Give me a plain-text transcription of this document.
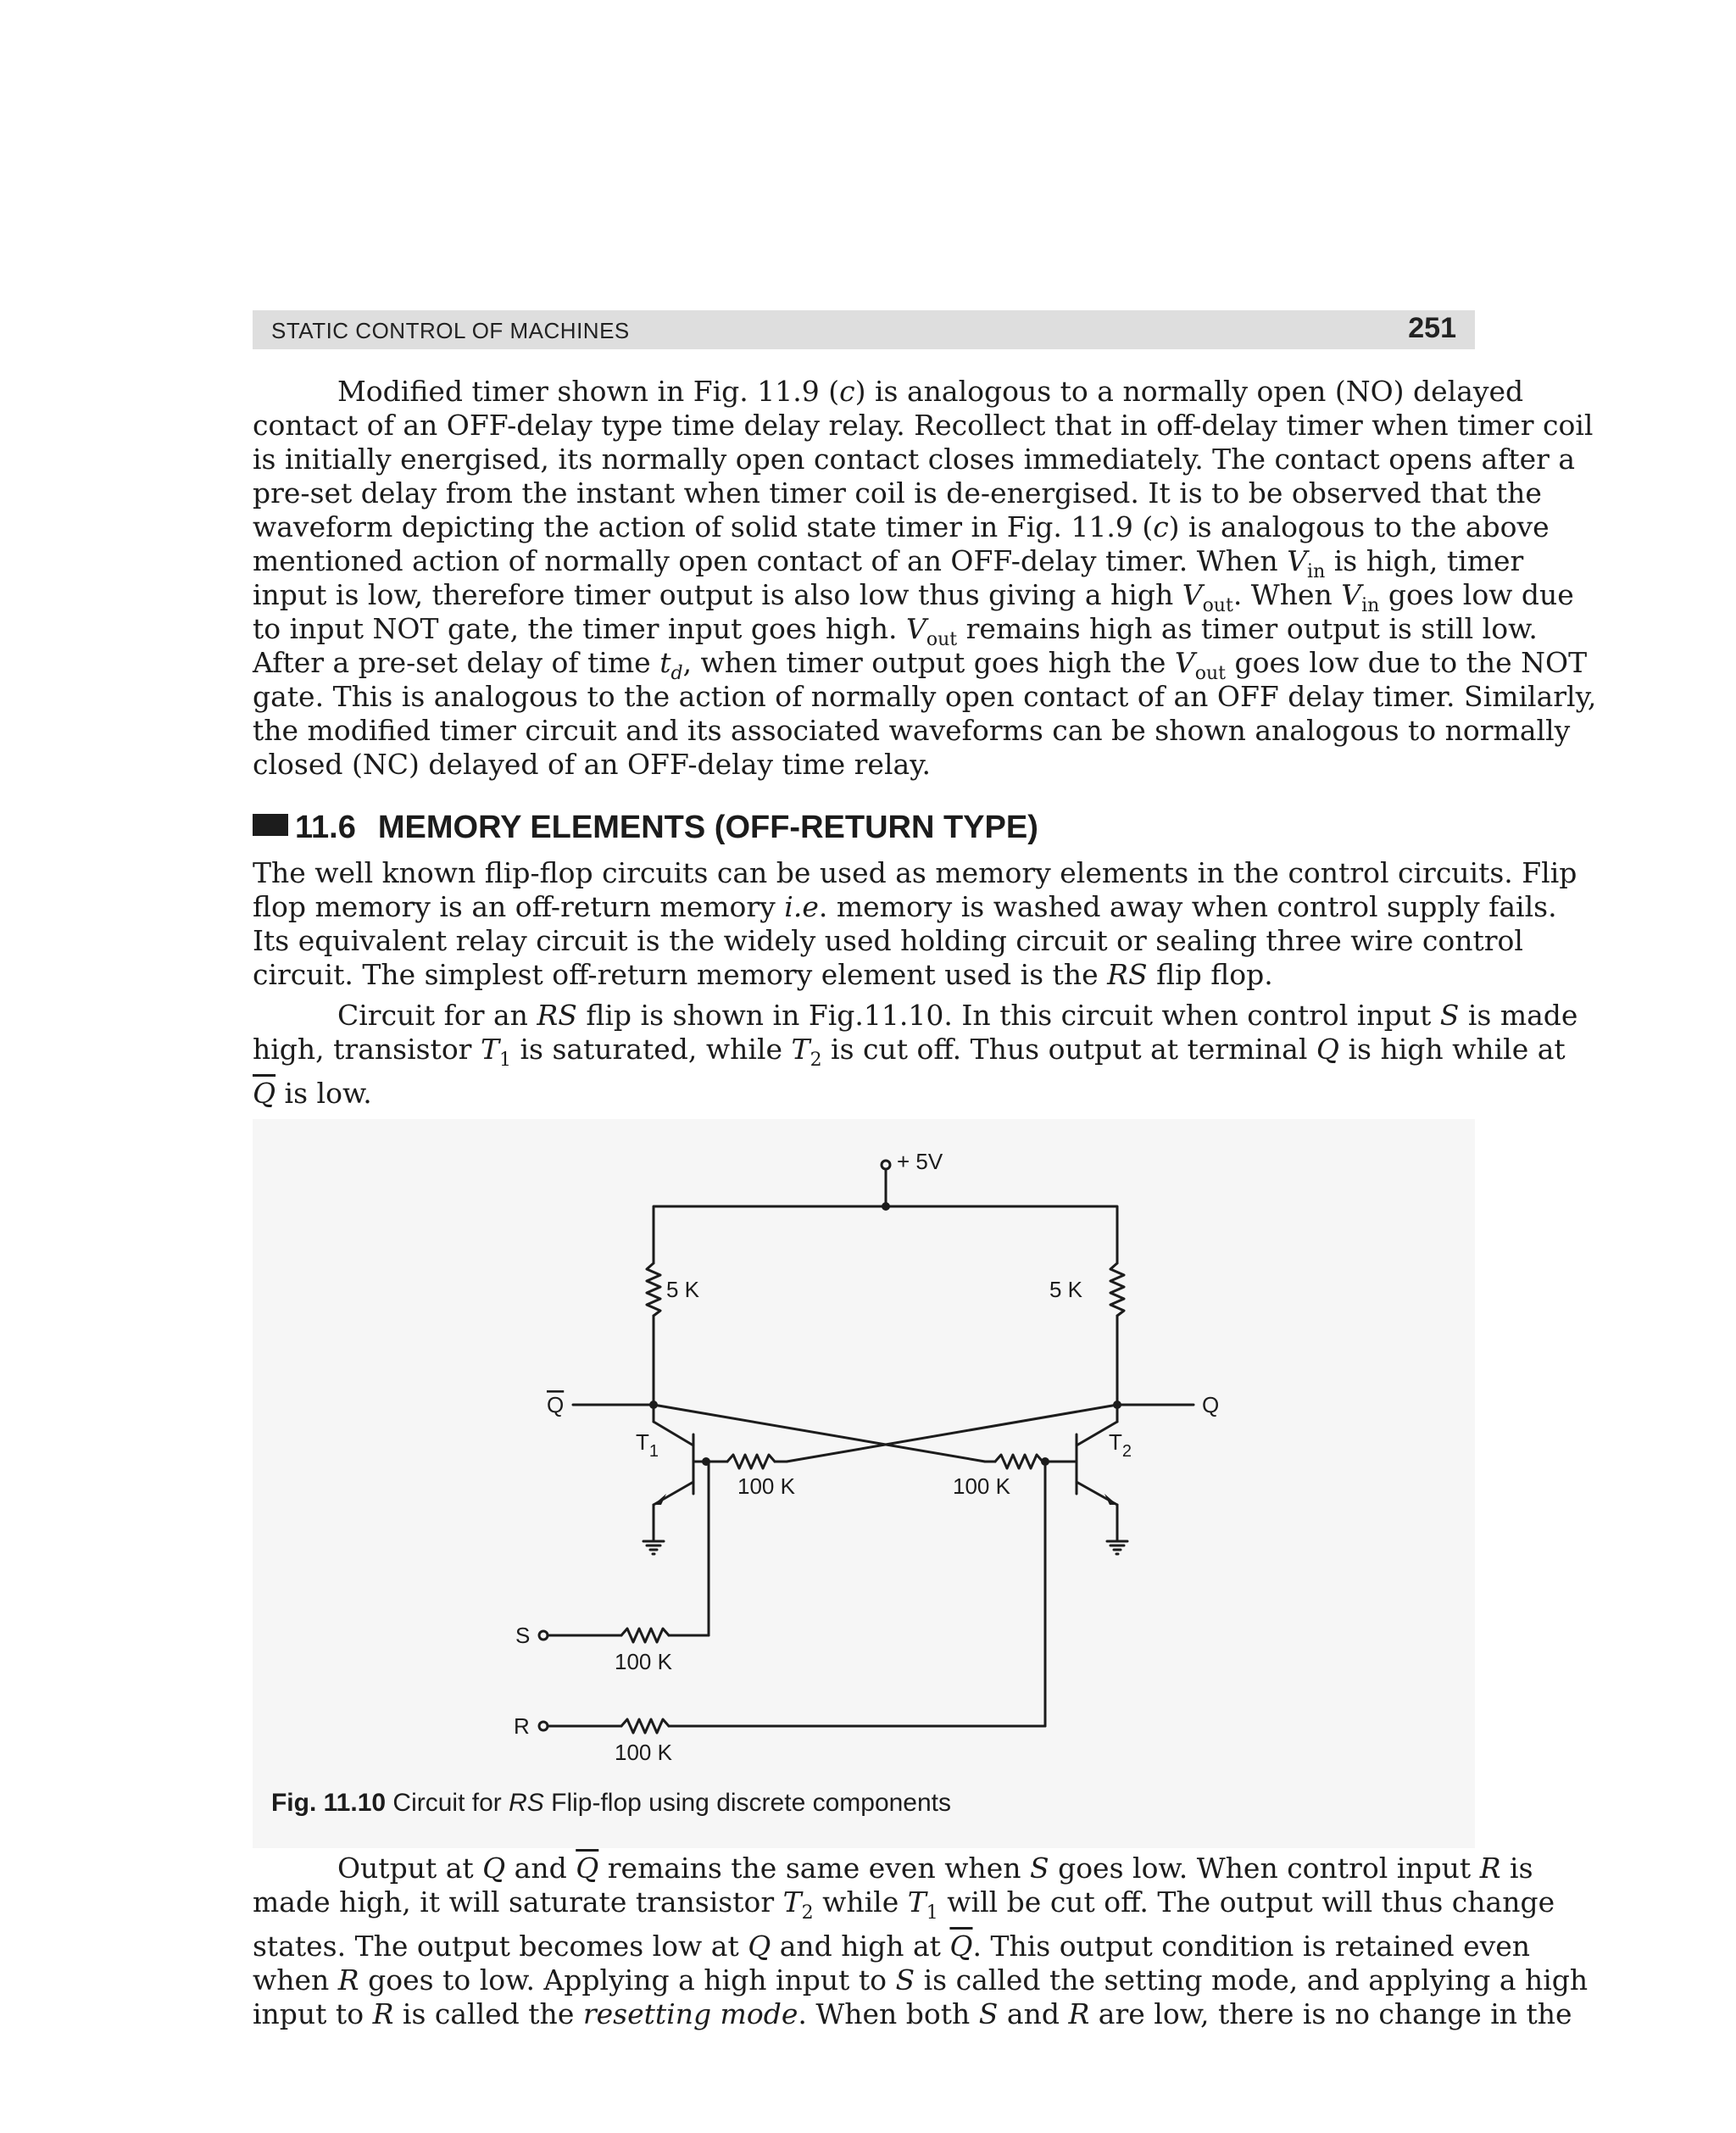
STATIC CONTROL OF MACHINES	251
Modified timer shown in Fig. 11.9 (c) is analogous to a normally open (NO) delayed
contact of an OFF-delay type time delay relay. Recollect that in off-delay timer when timer coil
is initially energised, its normally open contact closes immediately. The contact opens after a
pre-set delay from the instant when timer coil is de-energised. It is to be observed that the
waveform depicting the action of solid state timer in Fig. 11.9 (c) is analogous to the above
mentioned action of normally open contact of an OFF-delay timer. When $V_{in}$ is high, timer
input is low, therefore timer output is also low thus giving a high $V_{out}$. When $V_{in}$ goes low due
to input NOT gate, the timer input goes high. $V_{out}$ remains high as timer output is still low.
After a pre-set delay of time $t_d$, when timer output goes high the $V_{out}$ goes low due to the NOT
gate. This is analogous to the action of normally open contact of an OFF delay timer. Similarly,
the modified timer circuit and its associated waveforms can be shown analogous to normally
closed (NC) delayed of an OFF-delay time relay.
11.6 MEMORY ELEMENTS (OFF-RETURN TYPE)
The well known flip-flop circuits can be used as memory elements in the control circuits. Flip
flop memory is an off-return memory i.e. memory is washed away when control supply fails.
Its equivalent relay circuit is the widely used holding circuit or sealing three wire control
circuit. The simplest off-return memory element used is the RS flip flop.
Circuit for an RS flip is shown in Fig.11.10. In this circuit when control input S is made
high, transistor $T_1$ is saturated, while $T_2$ is cut off. Thus output at terminal Q is high while at
$\overline{Q}$ is low.
+ 5V
5 K	5 K
Q	Q
$T_1$	$T_2$
100 K	100 K
S
100 K
R
100 K
Fig. 11.10 Circuit for RS Flip-flop using discrete components
Output at Q and $\overline{Q}$ remains the same even when S goes low. When control input R is
made high, it will saturate transistor $T_2$ while $T_1$ will be cut off. The output will thus change
states. The output becomes low at Q and high at $\overline{Q}$. This output condition is retained even
when R goes to low. Applying a high input to S is called the setting mode, and applying a high
input to R is called the resetting mode. When both S and R are low, there is no change in the
